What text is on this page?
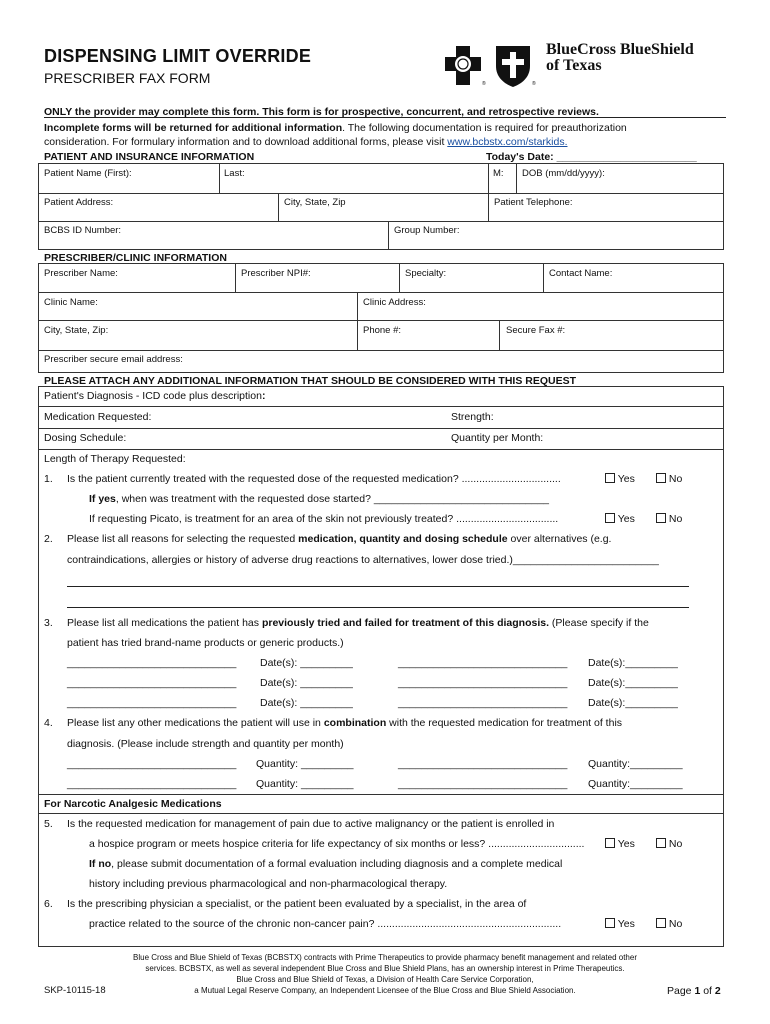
DISPENSING LIMIT OVERRIDE
PRESCRIBER FAX FORM	®	®
BlueCross BlueShield
of Texas
ONLY the provider may complete this form. This form is for prospective, concurrent, and retrospective reviews.
Incomplete forms will be returned for additional information. The following documentation is required for preauthorization
consideration. For formulary information and to download additional forms, please visit www.bcbstx.com/starkids.
PATIENT AND INSURANCE INFORMATION	Today's Date: ________________________
Patient Name (First):	Last:	M: DOB (mm/dd/yyyy):
Patient Address:	City, State, Zip	Patient Telephone:
BCBS ID Number:	Group Number:
PRESCRIBER/CLINIC INFORMATION
Prescriber Name:	Prescriber NPI#:	Specialty:	Contact Name:
Clinic Name:	Clinic Address:
City, State, Zip:	Phone #:	Secure Fax #:
Prescriber secure email address:
PLEASE ATTACH ANY ADDITIONAL INFORMATION THAT SHOULD BE CONSIDERED WITH THIS REQUEST
Patient's Diagnosis - ICD code plus description:
Medication Requested:	Strength:
Dosing Schedule:	Quantity per Month:
Length of Therapy Requested:
1. Is the patient currently treated with the requested dose of the requested medication? ..................................	Yes	No
If yes, when was treatment with the requested dose started? ______________________________
If requesting Picato, is treatment for an area of the skin not previously treated? ...................................	Yes	No
2. Please list all reasons for selecting the requested medication, quantity and dosing schedule over alternatives (e.g.
contraindications, allergies or history of adverse drug reactions to alternatives, lower dose tried.)_________________________
3. Please list all medications the patient has previously tried and failed for treatment of this diagnosis. (Please specify if the
patient has tried brand-name products or generic products.)
_____________________________ Date(s): _________	_____________________________ Date(s):_________
_____________________________ Date(s): _________	_____________________________ Date(s):_________
_____________________________ Date(s): _________	_____________________________ Date(s):_________
4. Please list any other medications the patient will use in combination with the requested medication for treatment of this
diagnosis. (Please include strength and quantity per month)
_____________________________ Quantity: _________	_____________________________ Quantity:_________
_____________________________ Quantity: _________	_____________________________ Quantity:_________
For Narcotic Analgesic Medications
5. Is the requested medication for management of pain due to active malignancy or the patient is enrolled in
a hospice program or meets hospice criteria for life expectancy of six months or less? .................................	Yes	No
If no, please submit documentation of a formal evaluation including diagnosis and a complete medical
history including previous pharmacological and non-pharmacological therapy.
6. Is the prescribing physician a specialist, or the patient been evaluated by a specialist, in the area of
practice related to the source of the chronic non-cancer pain? ...............................................................	Yes	No
Blue Cross and Blue Shield of Texas (BCBSTX) contracts with Prime Therapeutics to provide pharmacy benefit management and related other
services. BCBSTX, as well as several independent Blue Cross and Blue Shield Plans, has an ownership interest in Prime Therapeutics.
Blue Cross and Blue Shield of Texas, a Division of Health Care Service Corporation,
a Mutual Legal Reserve Company, an Independent Licensee of the Blue Cross and Blue Shield Association.
SKP-10115-18	Page 1 of 2
